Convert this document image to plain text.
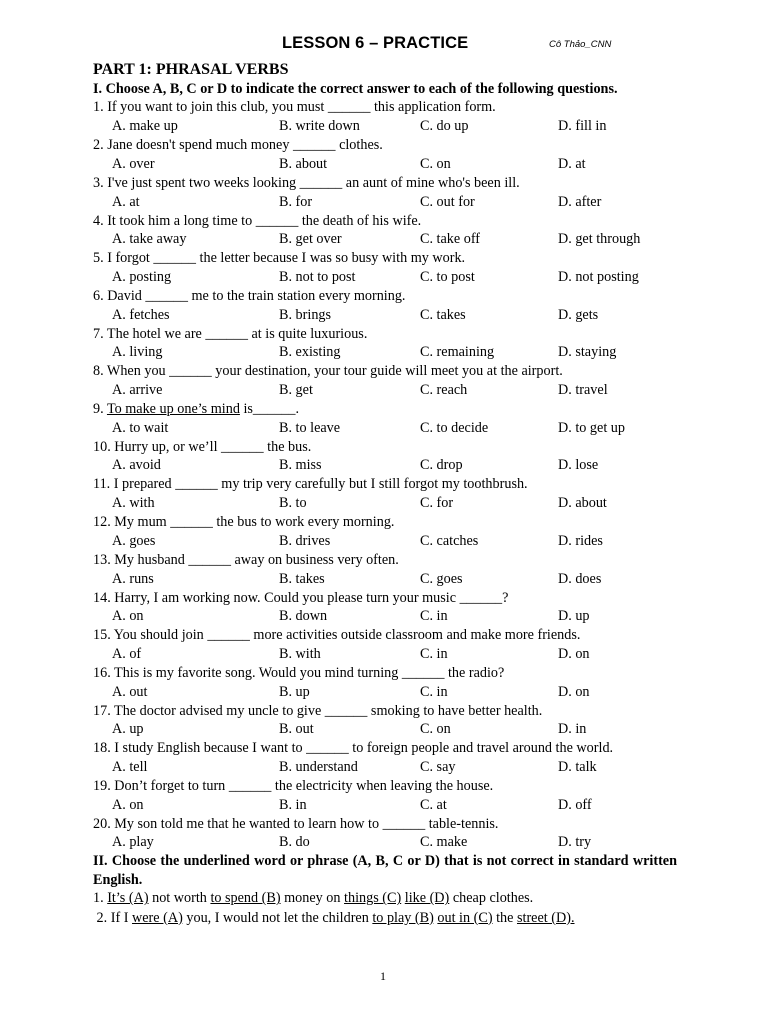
LESSON 6 – PRACTICE	Cô Thảo_CNN
PART 1: PHRASAL VERBS
I. Choose A, B, C or D to indicate the correct answer to each of the following questions.
1. If you want to join this club, you must ______ this application form.
A. make up	B. write down	C. do up	D. fill in
2. Jane doesn't spend much money ______ clothes.
A. over	B. about	C. on	D. at
3. I've just spent two weeks looking ______ an aunt of mine who's been ill.
A. at	B. for	C. out for	D. after
4. It took him a long time to ______ the death of his wife.
A. take away	B. get over	C. take off	D. get through
5. I forgot ______ the letter because I was so busy with my work.
A. posting	B. not to post	C. to post	D. not posting
6. David ______ me to the train station every morning.
A. fetches	B. brings	C. takes	D. gets
7. The hotel we are ______ at is quite luxurious.
A. living	B. existing	C. remaining	D. staying
8. When you ______ your destination, your tour guide will meet you at the airport.
A. arrive	B. get	C. reach	D. travel
9. To make up one’s mind is______.
A. to wait	B. to leave	C. to decide	D. to get up
10. Hurry up, or we’ll ______ the bus.
A. avoid	B. miss	C. drop	D. lose
11. I prepared ______ my trip very carefully but I still forgot my toothbrush.
A. with	B. to	C. for	D. about
12. My mum ______ the bus to work every morning.
A. goes	B. drives	C. catches	D. rides
13. My husband ______ away on business very often.
A. runs	B. takes	C. goes	D. does
14. Harry, I am working now. Could you please turn your music ______?
A. on	B. down	C. in	D. up
15. You should join ______ more activities outside classroom and make more friends.
A. of	B. with	C. in	D. on
16. This is my favorite song. Would you mind turning ______ the radio?
A. out	B. up	C. in	D. on
17. The doctor advised my uncle to give ______ smoking to have better health.
A. up	B. out	C. on	D. in
18. I study English because I want to ______ to foreign people and travel around the world.
A. tell	B. understand	C. say	D. talk
19. Don’t forget to turn ______ the electricity when leaving the house.
A. on	B. in	C. at	D. off
20. My son told me that he wanted to learn how to ______ table-tennis.
A. play	B. do	C. make	D. try
II. Choose the underlined word or phrase (A, B, C or D) that is not correct in standard written English.
1. It’s (A) not worth to spend (B) money on things (C) like (D) cheap clothes.
2. If I were (A) you, I would not let the children to play (B) out in (C) the street (D).
1
